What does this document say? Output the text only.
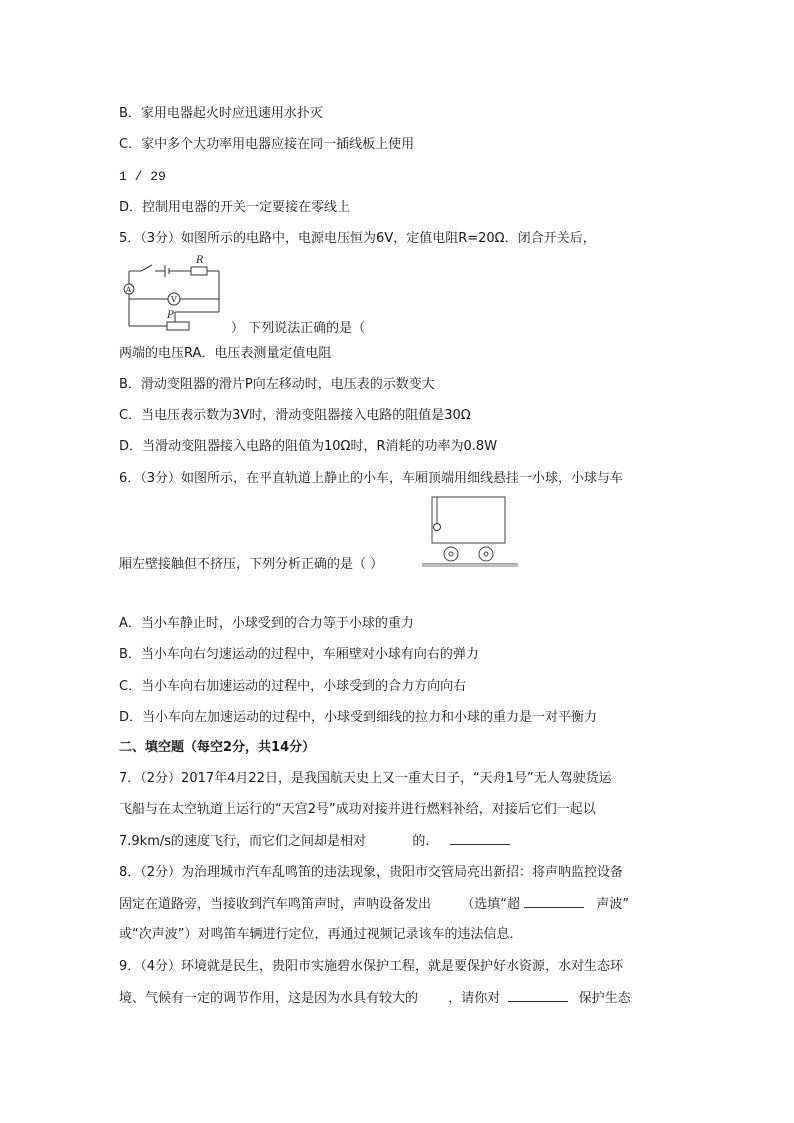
B．家用电器起火时应迅速用水扑灭
C．家中多个大功率用电器应接在同一插线板上使用
1 / 29
D．控制用电器的开关一定要接在零线上
5．（3分）如图所示的电路中，电源电压恒为6V，定值电阻R=20Ω．闭合开关后，
R
A
V
P
） 下列说法正确的是（
两端的电压RA．电压表测量定值电阻
B．滑动变阻器的滑片P向左移动时，电压表的示数变大
C．当电压表示数为3V时，滑动变阻器接入电路的阻值是30Ω
D．当滑动变阻器接入电路的阻值为10Ω时，R消耗的功率为0.8W
6．（3分）如图所示，在平直轨道上静止的小车，车厢顶端用细线悬挂一小球，小球与车
厢左壁接触但不挤压，下列分析正确的是（ ）
A．当小车静止时，小球受到的合力等于小球的重力
B．当小车向右匀速运动的过程中，车厢壁对小球有向右的弹力
C．当小车向右加速运动的过程中，小球受到的合力方向向右
D．当小车向左加速运动的过程中，小球受到细线的拉力和小球的重力是一对平衡力
二、填空题（每空2分，共14分）
7．（2分）2017年4月22日，是我国航天史上又一重大日子，“天舟1号”无人驾驶货运
飞船与在太空轨道上运行的“天宫2号”成功对接并进行燃料补给，对接后它们一起以
7.9km/s的速度飞行，而它们之间却是相对	的．
8．（2分）为治理城市汽车乱鸣笛的违法现象，贵阳市交管局亮出新招：将声呐监控设备
固定在道路旁，当接收到汽车鸣笛声时，声呐设备发出 （选填“超	声波”
或“次声波”）对鸣笛车辆进行定位，再通过视频记录该车的违法信息．
9．（4分）环境就是民生，贵阳市实施碧水保护工程，就是要保护好水资源，水对生态环
境、气候有一定的调节作用，这是因为水具有较大的 ，请你对	保护生态
